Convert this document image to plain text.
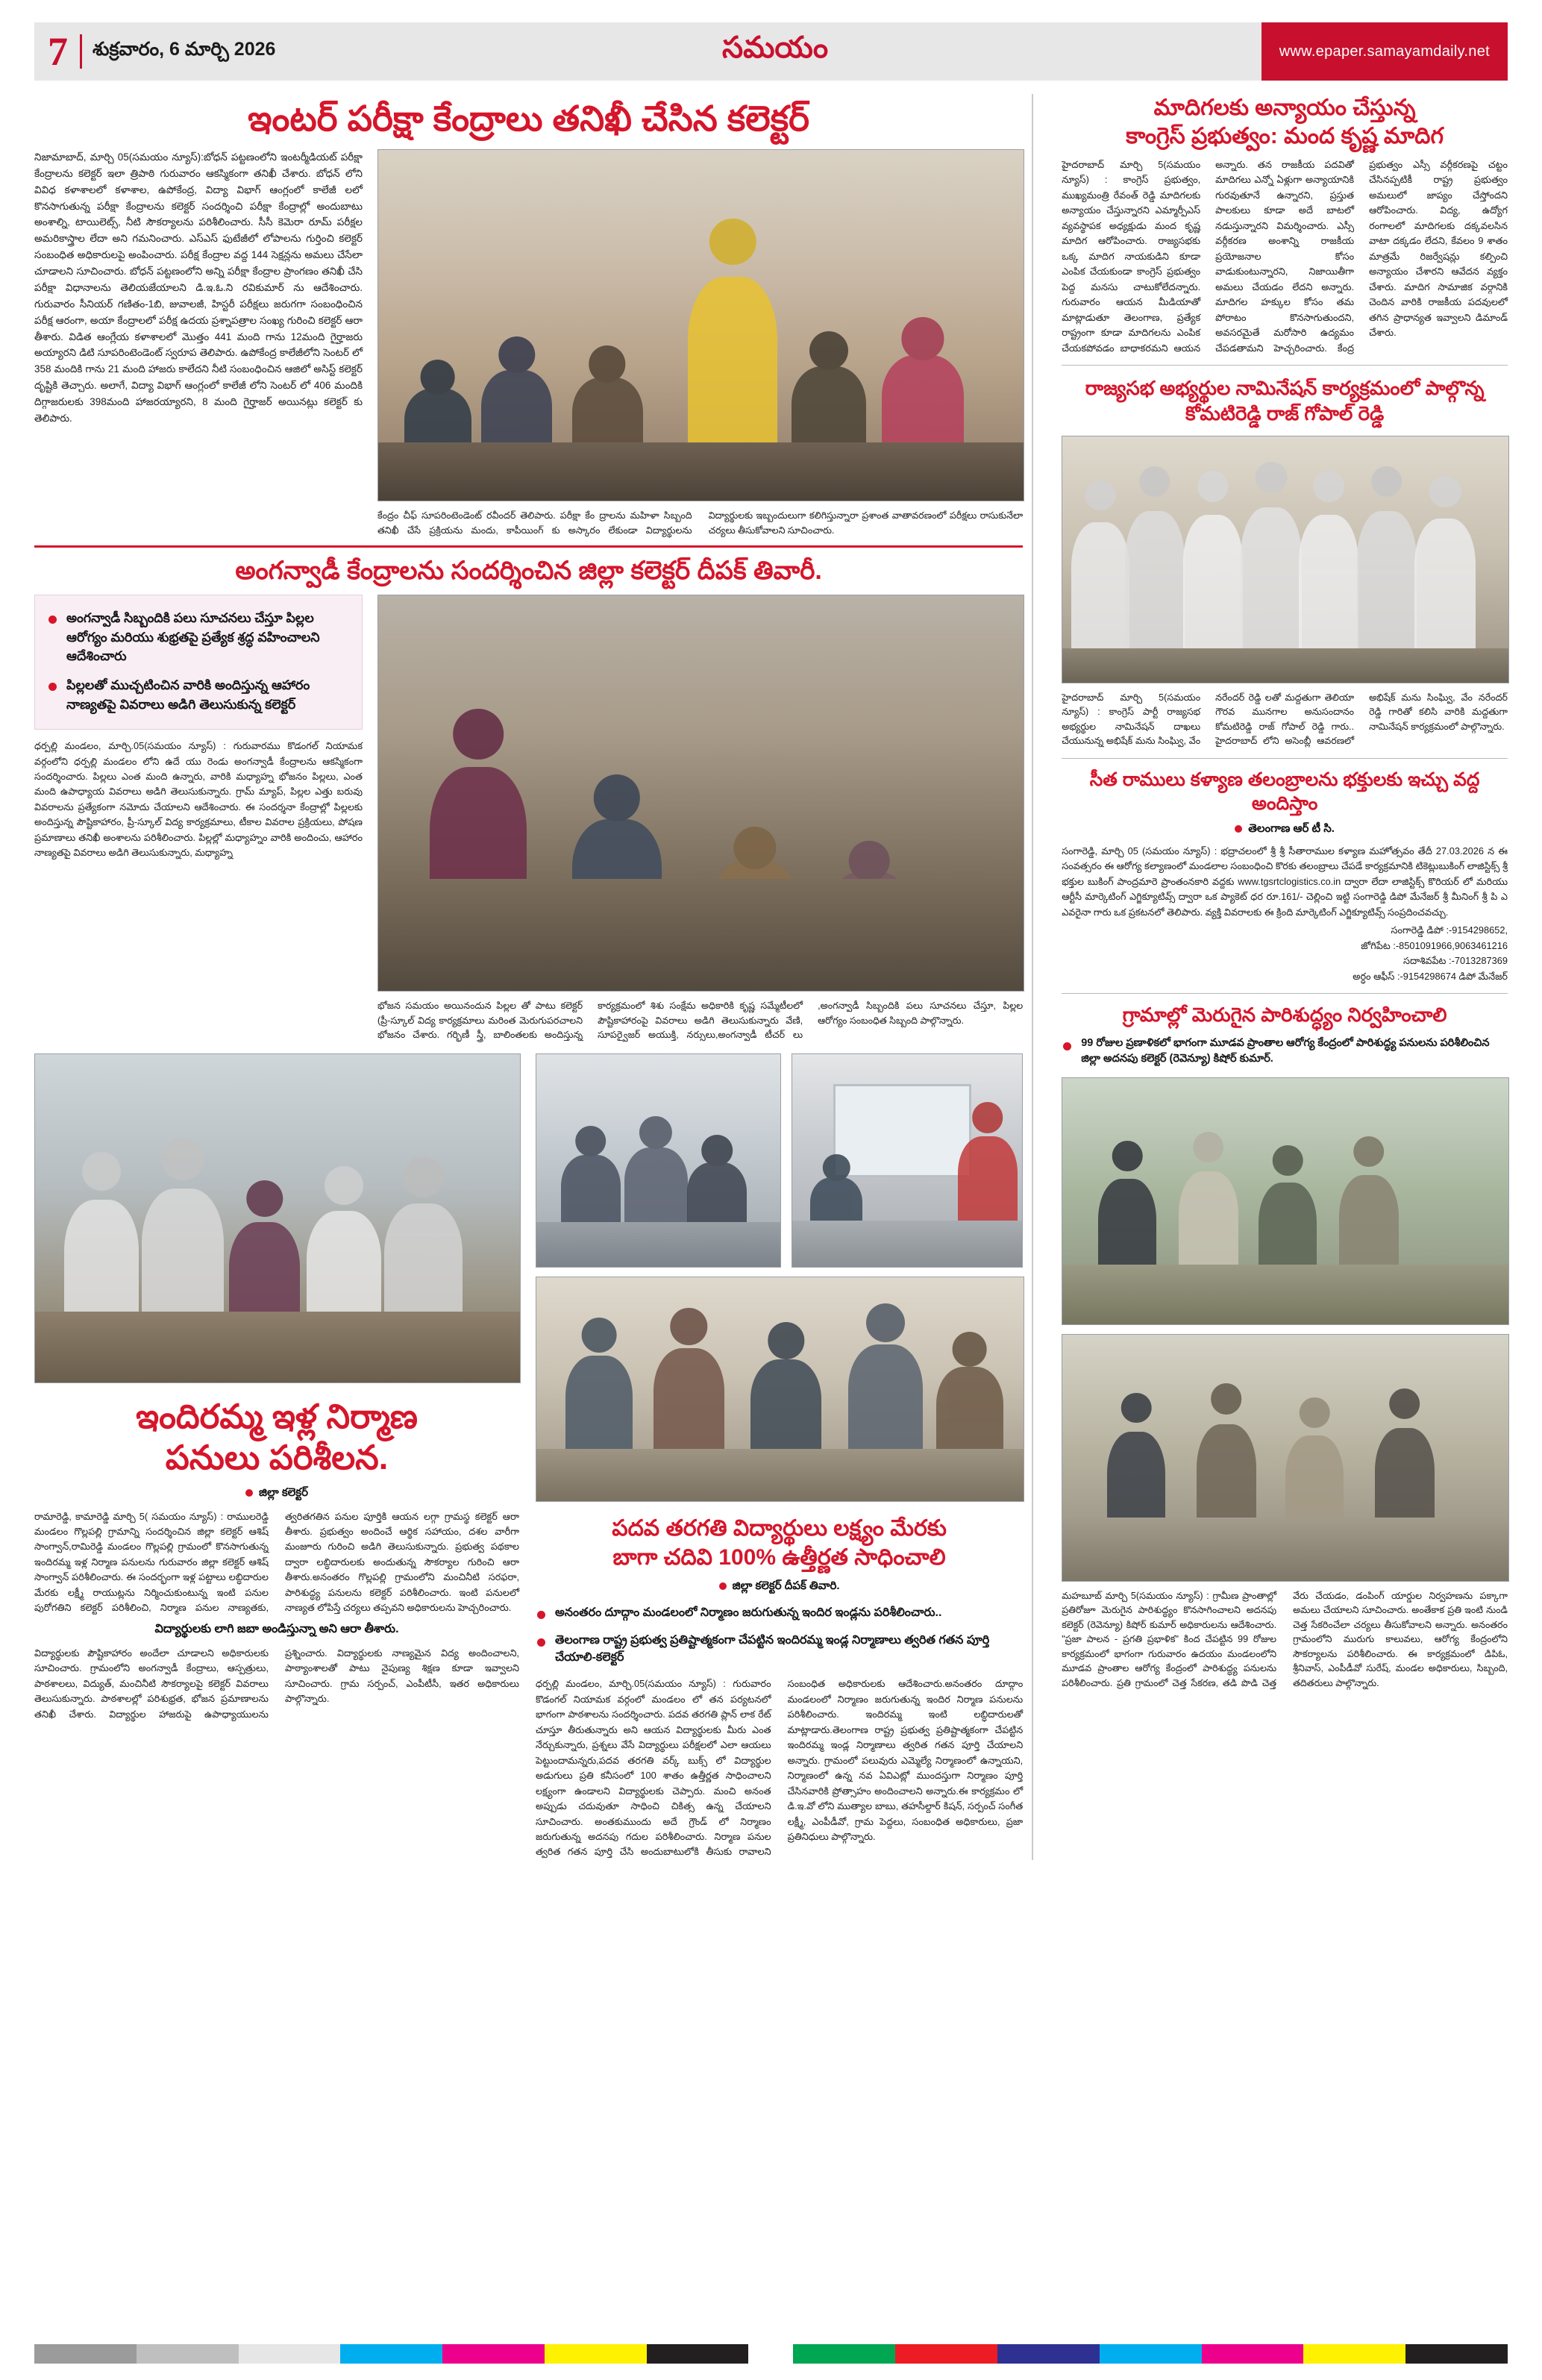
7	శుక్రవారం, 6 మార్చి 2026	సమయం	www.epaper.samayamdaily.net
ఇంటర్ పరీక్షా కేంద్రాలు తనిఖీ చేసిన కలెక్టర్
నిజామాబాద్, మార్చి 05(సమయం న్యూస్):బోధన్ పట్టణంలోని ఇంటర్మీడియట్ పరీక్షా కేంద్రాలను కలెక్టర్ ఇలా త్రిపాఠి గురువారం ఆకస్మికంగా తనిఖీ చేశారు. బోధన్ లోని వివిధ కళాశాలలో కళాశాల, ఉపోకేంద్ర, విద్యా విభాగ్ ఆంగ్లంలో కాలేజీ లలో కొనసాగుతున్న పరీక్షా కేంద్రాలను కలెక్టర్ సందర్శించి పరీక్షా కేంద్రాల్లో అందుబాటు అంశాల్ని, టాయిలెట్స్, నీటి సౌకర్యాలను పరిశీలించారు. సీసీ కెమెరా రూమ్ పరీక్షల అమరికాస్త్రాల లేదా అని గమనించారు. ఎస్ఎస్ ఫుటేజీలో లోపాలను గుర్తించి కలెక్టర్ సంబంధిత అధికారులపై అంపించారు. పరీక్ష కేంద్రాల వద్ద 144 సెక్షన్లను అమలు చేసేలా చూడాలని సూచించారు. బోధన్ పట్టణంలోని అన్ని పరీక్షా కేంద్రాల ప్రాంగణం తనిఖీ చేసి పరీక్షా విధానాలను తెలియజేయాలని డి.ఇ.ఓ.ని రవికుమార్ ను ఆదేశించారు. గురువారం సీనియర్ గణితం-1బి, జువాలజీ, హిస్టరీ పరీక్షలు జరుగగా సంబంధించిన పరీక్ష ఆరంగా, అయా కేంద్రాలలో పరీక్ష ఉదయ ప్రశ్నాపత్రాల సంఖ్య గురించి కలెక్టర్ ఆరా తీశారు. విడిత ఆంగ్లేయ కళాశాలలో మొత్తం 441 మంది గాను 12మంది గైర్హాజరు అయ్యారని డిటి సూపరింటెండెంట్ స్వరూప తెలిపారు. ఉపోకేంద్ర కాలేజీలోని సెంటర్ లో 358 మందికి గాను 21 మంది హాజరు కాలేదని నీటి సంబంధించిన ఆజిలో అసిస్ట్ కలెక్టర్ దృష్టికి తెచ్చారు. అలాగే, విద్యా విభాగ్ ఆంగ్లంలో కాలేజీ లోని సెంటర్ లో 406 మందికి దిగ్గాజరులకు 398మంది హాజరయ్యారని, 8 మంది గైర్హాజర్ అయినట్లు కలెక్టర్ కు తెలిపారు.
కేంద్రం చీఫ్ సూపరింటెండెంట్ రవీందర్ తెలిపారు. పరీక్షా కేం ద్రాలను మహిళా సిబ్బంది తనిఖీ చేసే ప్రక్రియను మందు, కాపీయింగ్ కు అస్కారం లేకుండా విద్యార్థులను విద్యార్థులకు ఇబ్బందులుగా కలిగిస్తున్నారా ప్రశాంత వాతావరణంలో పరీక్షలు రాసుకునేలా చర్యలు తీసుకోవాలని సూచించారు.
అంగన్వాడీ కేంద్రాలను సందర్శించిన జిల్లా కలెక్టర్ దీపక్ తివారీ.
అంగన్వాడీ సిబ్బందికి పలు సూచనలు చేస్తూ పిల్లల ఆరోగ్యం మరియు శుభ్రతపై ప్రత్యేక శ్రద్ధ వహించాలని ఆదేశించారు
పిల్లలతో ముచ్చటించిన వారికి అందిస్తున్న ఆహారం నాణ్యతపై వివరాలు అడిగి తెలుసుకున్న కలెక్టర్
ధర్పల్లి మండలం, మార్చి.05(సమయం న్యూస్) : గురువారము కొడంగల్ నియామక వర్గంలోని ధర్పల్లి మండలం లోని ఉదే యు రెండు అంగన్వాడీ కేంద్రాలను ఆకస్మికంగా సందర్శించారు. పిల్లలు ఎంత మంది ఉన్నారు, వారికి మధ్యాహ్న భోజనం పిల్లలు, ఎంత మంది ఉపాధ్యాయ వివరాలు అడిగి తెలుసుకున్నారు. గ్రామ్ మ్యాప్, పిల్లల ఎత్తు బరువు వివరాలను ప్రత్యేకంగా నమోదు చేయాలని ఆదేశించారు. ఈ సందర్శనా కేంద్రాల్లో పిల్లలకు అందిస్తున్న పౌష్టికాహారం, ప్రీ-స్కూల్ విద్య కార్యక్రమాలు, టీకాల వివరాల ప్రక్రియలు, పోషణ ప్రమాణాలు తనిఖీ అంశాలను పరిశీలించారు. పిల్లల్లో మధ్యాహ్నం వారికి అందించు, ఆహారం నాణ్యతపై వివరాలు అడిగి తెలుసుకున్నారు, మధ్యాహ్న
భోజన సమయం అయినందున పిల్లల తో పాటు కలెక్టర్ (ప్రీ-స్కూల్ విద్య కార్యక్రమాలు మరింత మెరుగుపరచాలని భోజనం చేశారు. గర్భిణీ స్త్రీ, బాలింతలకు అందిస్తున్న కార్యక్రమంలో శిశు సంక్షేమ అధికారికి కృష్ణ సమ్మేటీలలో పౌష్టికాహారంపై వివరాలు అడిగి తెలుసుకున్నారు వేణి, సూపర్వైజర్ అయుక్తి, నర్సులు,అంగన్వాడీ టీచర్ లు ,అంగన్వాడీ సిబ్బందికి పలు సూచనలు చేస్తూ, పిల్లల ఆరోగ్యం సంబంధిత సిబ్బంది పాల్గొన్నారు.
ఇందిరమ్మ ఇళ్ల నిర్మాణ
పనులు పరిశీలన.
జిల్లా కలెక్టర్
రామారెడ్డి, కామారెడ్డి మార్చి 5( సమయం న్యూస్) : రాములరెడ్డి మండలం గొల్లపల్లి గ్రామాన్ని సందర్శించిన జిల్లా కలెక్టర్ ఆశిష్ సాంగ్వాన్,రామిరెడ్డి మండలం గొల్లపల్లి గ్రామంలో కొనసాగుతున్న ఇందిరమ్మ ఇళ్ల నిర్మాణ పనులను గురువారం జిల్లా కలెక్టర్ ఆశిష్ సాంగ్వాన్ పరిశీలించారు. ఈ సందర్భంగా ఇళ్ల పట్టాలు లబ్ధిదారుల మేరకు లక్ష్మీ రాయుట్లను నిర్మించుకుంటున్న ఇంటి పనుల పురోగతిని కలెక్టర్ పరిశీలించి, నిర్మాణ పనుల నాణ్యతకు, త్వరితగతిన పనుల పూర్తికి ఆయన లగ్గా గ్రామస్థ కలెక్టర్ ఆరా తీశారు. ప్రభుత్వం అందించే ఆర్థిక సహాయం, దశల వారీగా మంజూరు గురించి అడిగి తెలుసుకున్నారు. ప్రభుత్వ పథకాల ద్వారా లబ్ధిదారులకు అందుతున్న సౌకర్యాల గురించి ఆరా తీశారు.అనంతరం గొల్లపల్లి గ్రామంలోని మంచినీటి సరఫరా, పారిశుద్ధ్య పనులను కలెక్టర్ పరిశీలించారు. ఇంటి పనులలో నాణ్యత లోపిస్తే చర్యలు తప్పవని అధికారులను హెచ్చరించారు.
విద్యార్థులకు లాగి జబా అండిస్తున్నా అని ఆరా తీశారు.
విద్యార్థులకు పౌష్టికాహారం అందేలా చూడాలని అధికారులకు సూచించారు. గ్రామంలోని అంగన్వాడీ కేంద్రాలు, ఆస్పత్రులు, పాఠశాలలు, విద్యుత్, మంచినీటి సౌకర్యాలపై కలెక్టర్ వివరాలు తెలుసుకున్నారు. పాఠశాలల్లో పరిశుభ్రత, భోజన ప్రమాణాలను తనిఖీ చేశారు. విద్యార్థుల హాజరుపై ఉపాధ్యాయులను ప్రశ్నించారు. విద్యార్థులకు నాణ్యమైన విద్య అందించాలని, పాఠ్యాంశాలతో పాటు నైపుణ్య శిక్షణ కూడా ఇవ్వాలని సూచించారు. గ్రామ సర్పంచ్, ఎంపీటీసీ, ఇతర అధికారులు పాల్గొన్నారు.
పదవ తరగతి విద్యార్థులు లక్ష్యం మేరకు
బాగా చదివి 100% ఉత్తీర్ణత సాధించాలి
జిల్లా కలెక్టర్ దీపక్ తివారి.
అనంతరం దూద్గాం మండలంలో నిర్మాణం జరుగుతున్న ఇందిర ఇండ్లను పరిశీలించారు..
తెలంగాణ రాష్ట్ర ప్రభుత్వ ప్రతిష్టాత్మకంగా చేపట్టిన ఇందిరమ్మ ఇండ్ల నిర్మాణాలు త్వరిత గతన పూర్తి చేయాలి-కలెక్టర్
ధర్పల్లి మండలం, మార్చి.05(సమయం న్యూస్) : గురువారం కొడంగల్ నియామక వర్గంలో మండలం లో తన పర్యటనలో భాగంగా పాఠశాలను సందర్శించారు. పదవ తరగతి ప్లాన్ లాక రేట్ చూస్తూ తీరుతున్నారు అని ఆయన విద్యార్థులకు మీరు ఎంత నేర్చుకున్నారు, ప్రశ్నలు వేసే విద్యార్థులు పరీక్షలలో ఎలా ఆయలు పెట్టుందామన్నరు,పదవ తరగతి వర్క్ బుక్స్ లో విద్యార్థుల అడుగులు ప్రతి కనీసంలో 100 శాతం ఉత్తీర్ణత సాధించాలని లక్ష్యంగా ఉండాలని విద్యార్థులకు చెప్పారు. మంచి అనంత అప్పుడు చదువుతూ సాధించి చికిత్స ఉన్న చేయాలని సూచించారు. అంతకుముందు అదే గ్రౌండ్ లో నిర్మాణం జరుగుతున్న అదనపు గదుల పరిశీలించారు. నిర్మాణ పనుల త్వరిత గతన పూర్తి చేసి అందుబాటులోకి తీసుకు రావాలని సంబంధిత అధికారులకు ఆదేశించారు.అనంతరం దూద్గాం మండలంలో నిర్మాణం జరుగుతున్న ఇందిర నిర్మాణ పనులను పరిశీలించారు. ఇందిరమ్మ ఇంటి లబ్ధిదారులతో మాట్లాడారు.తెలంగాణ రాష్ట్ర ప్రభుత్వ ప్రతిష్టాత్మకంగా చేపట్టిన ఇందిరమ్మ ఇండ్ల నిర్మాణాలు త్వరిత గతన పూర్తి చేయాలని అన్నారు. గ్రామంలో పలువురు ఎమ్మెల్యే నిర్మాణంలో ఉన్నాయని, నిర్మాణంలో ఉన్న నవ ఏవిఎట్లో ముందస్తుగా నిర్మాణం పూర్తి చేసినవారికి ప్రోత్సాహం అందించాలని అన్నారు.ఈ కార్యక్రమం లో డి.ఇ.వో లోని ముత్యాల బాబు, తహసీల్దార్ కిషన్, సర్పంచ్ సంగీత లక్ష్మీ, ఎంపీడీవో, గ్రామ పెద్దలు, సంబంధిత అధికారులు, ప్రజా ప్రతినిధులు పాల్గొన్నారు.
మాదిగలకు అన్యాయం చేస్తున్న
కాంగ్రెస్ ప్రభుత్వం: మంద కృష్ణ మాదిగ
హైదరాబాద్ మార్చి 5(సమయం న్యూస్) : కాంగ్రెస్ ప్రభుత్వం, ముఖ్యమంత్రి రేవంత్ రెడ్డి మాదిగలకు అన్యాయం చేస్తున్నారని ఎమ్మార్పీఎస్ వ్యవస్థాపక అధ్యక్షుడు మంద కృష్ణ మాదిగ ఆరోపించారు. రాజ్యసభకు ఒక్క మాదిగ నాయకుడిని కూడా ఎంపిక చేయకుండా కాంగ్రెస్ ప్రభుత్వం పెద్ద మనసు చాటుకోలేదన్నారు. గురువారం ఆయన మీడియాతో మాట్లాడుతూ తెలంగాణ, ప్రత్యేక రాష్ట్రంగా కూడా మాదిగలను ఎంపిక చేయకపోవడం బాధాకరమని ఆయన అన్నారు. తన రాజకీయ పదవితో మాదిగలు ఎన్నో ఏళ్లుగా అన్యాయానికి గురవుతూనే ఉన్నారని, ప్రస్తుత పాలకులు కూడా అదే బాటలో నడుస్తున్నారని విమర్శించారు. ఎస్సీ వర్గీకరణ అంశాన్ని రాజకీయ ప్రయోజనాల కోసం వాడుకుంటున్నారని, నిజాయితీగా అమలు చేయడం లేదని అన్నారు. మాదిగల హక్కుల కోసం తమ పోరాటం కొనసాగుతుందని, అవసరమైతే మరోసారి ఉద్యమం చేపడతామని హెచ్చరించారు. కేంద్ర ప్రభుత్వం ఎస్సీ వర్గీకరణపై చట్టం చేసినప్పటికీ రాష్ట్ర ప్రభుత్వం అమలులో జాప్యం చేస్తోందని ఆరోపించారు. విద్య, ఉద్యోగ రంగాలలో మాదిగలకు దక్కవలసిన వాటా దక్కడం లేదని, కేవలం 9 శాతం మాత్రమే రిజర్వేషన్లు కల్పించి అన్యాయం చేశారని ఆవేదన వ్యక్తం చేశారు. మాదిగ సామాజిక వర్గానికి చెందిన వారికి రాజకీయ పదవులలో తగిన ప్రాధాన్యత ఇవ్వాలని డిమాండ్ చేశారు.
రాజ్యసభ అభ్యర్థుల నామినేషన్ కార్యక్రమంలో పాల్గొన్న కోమటిరెడ్డి రాజ్ గోపాల్ రెడ్డి
హైదరాబాద్ మార్చి 5(సమయం న్యూస్) : కాంగ్రెస్ పార్టీ రాజ్యసభ అభ్యర్థుల నామినేషన్ దాఖలు చేయునున్న అభిషేక్ మను సింఘ్వి, వేం నరేందర్ రెడ్డి లతో మద్దతుగా తెలియా గౌరవ మునగాల అనుసందానం కోమటిరెడ్డి రాజ్ గోపాల్ రెడ్డి గారు.. హైదరాబాద్ లోని అసెంబ్లీ ఆవరణలో అభిషేక్ మను సింఘ్వి, వేం నరేందర్ రెడ్డి గారితో కలిసి వారికి మద్దతుగా నామినేషన్ కార్యక్రమంలో పాల్గొన్నారు.
సీత రాములు కళ్యాణ తలంబ్రాలను భక్తులకు ఇచ్చు వద్ద అందిస్తాం
తెలంగాణ ఆర్ టీ సి.
సంగారెడ్డి, మార్చి 05 (సమయం న్యూస్) : భద్రాచలంలో శ్రీ శ్రీ సీతారాముల కళ్యాణ మహోత్సవం తేదీ 27.03.2026 న ఈ సంవత్సరం ఈ ఆరోగ్య కల్యాణంలో మండలాల సంబంధించి కొరకు తలంబ్రాలు చేపడే కార్యక్రమానికి టికెట్లుబుకింగ్ లాజిస్టిక్స్ శ్రీ భక్తుల బుకింగ్ పాంద్రమారె ప్రాంతంనకారి వద్దకు www.tgsrtclogistics.co.in ద్వారా లేదా లాజిస్టిక్స్ కొరియర్ లో మరియు ఆర్టీసీ మార్కెటింగ్ ఎగ్జిక్యూటివ్స్ ద్వారా ఒక ప్యాకెట్ ధర రూ.161/- చెల్లించి ఇట్టి సంగారెడ్డి డిపో మేనేజర్ శ్రీ మీనింగ్ శ్రీ పి ఎ ఎవరైనా గారు ఒక ప్రకటనలో తెలిపారు. వ్యక్తి వివరాలకు ఈ క్రింది మార్కెటింగ్ ఎగ్జిక్యూటివ్స్ సంప్రదించవచ్చు.
సంగారెడ్డి డిపో :-9154298652,
జోగిపేట :-8501091966,9063461216
సదాశివపేట :-7013287369
అర్ధం ఆఫీస్ :-9154298674 డిపో మేనేజర్
గ్రామాల్లో మెరుగైన పారిశుద్ధ్యం నిర్వహించాలి
99 రోజుల ప్రణాళికలో భాగంగా మూడవ ప్రాంతాల ఆరోగ్య కేంద్రంలో పారిశుద్ధ్య పనులను పరిశీలించిన జిల్లా అదనపు కలెక్టర్ (రెవెన్యూ) కిషోర్ కుమార్.
మహబూబ్ మార్చి 5(సమయం న్యూస్) : గ్రామీణ ప్రాంతాల్లో ప్రతిరోజూ మెరుగైన పారిశుద్ధ్యం కొనసాగించాలని అదనపు కలెక్టర్ (రెవెన్యూ) కిషోర్ కుమార్ అధికారులను ఆదేశించారు. "ప్రజా పాలన - ప్రగతి ప్రభాళిక" కింద చేపట్టిన 99 రోజుల కార్యక్రమంలో భాగంగా గురువారం ఉదయం మండలంలోని మూడవ ప్రాంతాల ఆరోగ్య కేంద్రంలో పారిశుద్ధ్య పనులను పరిశీలించారు. ప్రతి గ్రామంలో చెత్త సేకరణ, తడి పొడి చెత్త వేరు చేయడం, డంపింగ్ యార్డుల నిర్వహణను పక్కాగా అమలు చేయాలని సూచించారు. అంతేకాక ప్రతి ఇంటి నుండి చెత్త సేకరించేలా చర్యలు తీసుకోవాలని అన్నారు. అనంతరం గ్రామంలోని మురుగు కాలువలు, ఆరోగ్య కేంద్రంలోని సౌకర్యాలను పరిశీలించారు. ఈ కార్యక్రమంలో డిపిఓ, శ్రీనివాస్, ఎంపీడీవో సురేష్, మండల అధికారులు, సిబ్బంది, తదితరులు పాల్గొన్నారు.
